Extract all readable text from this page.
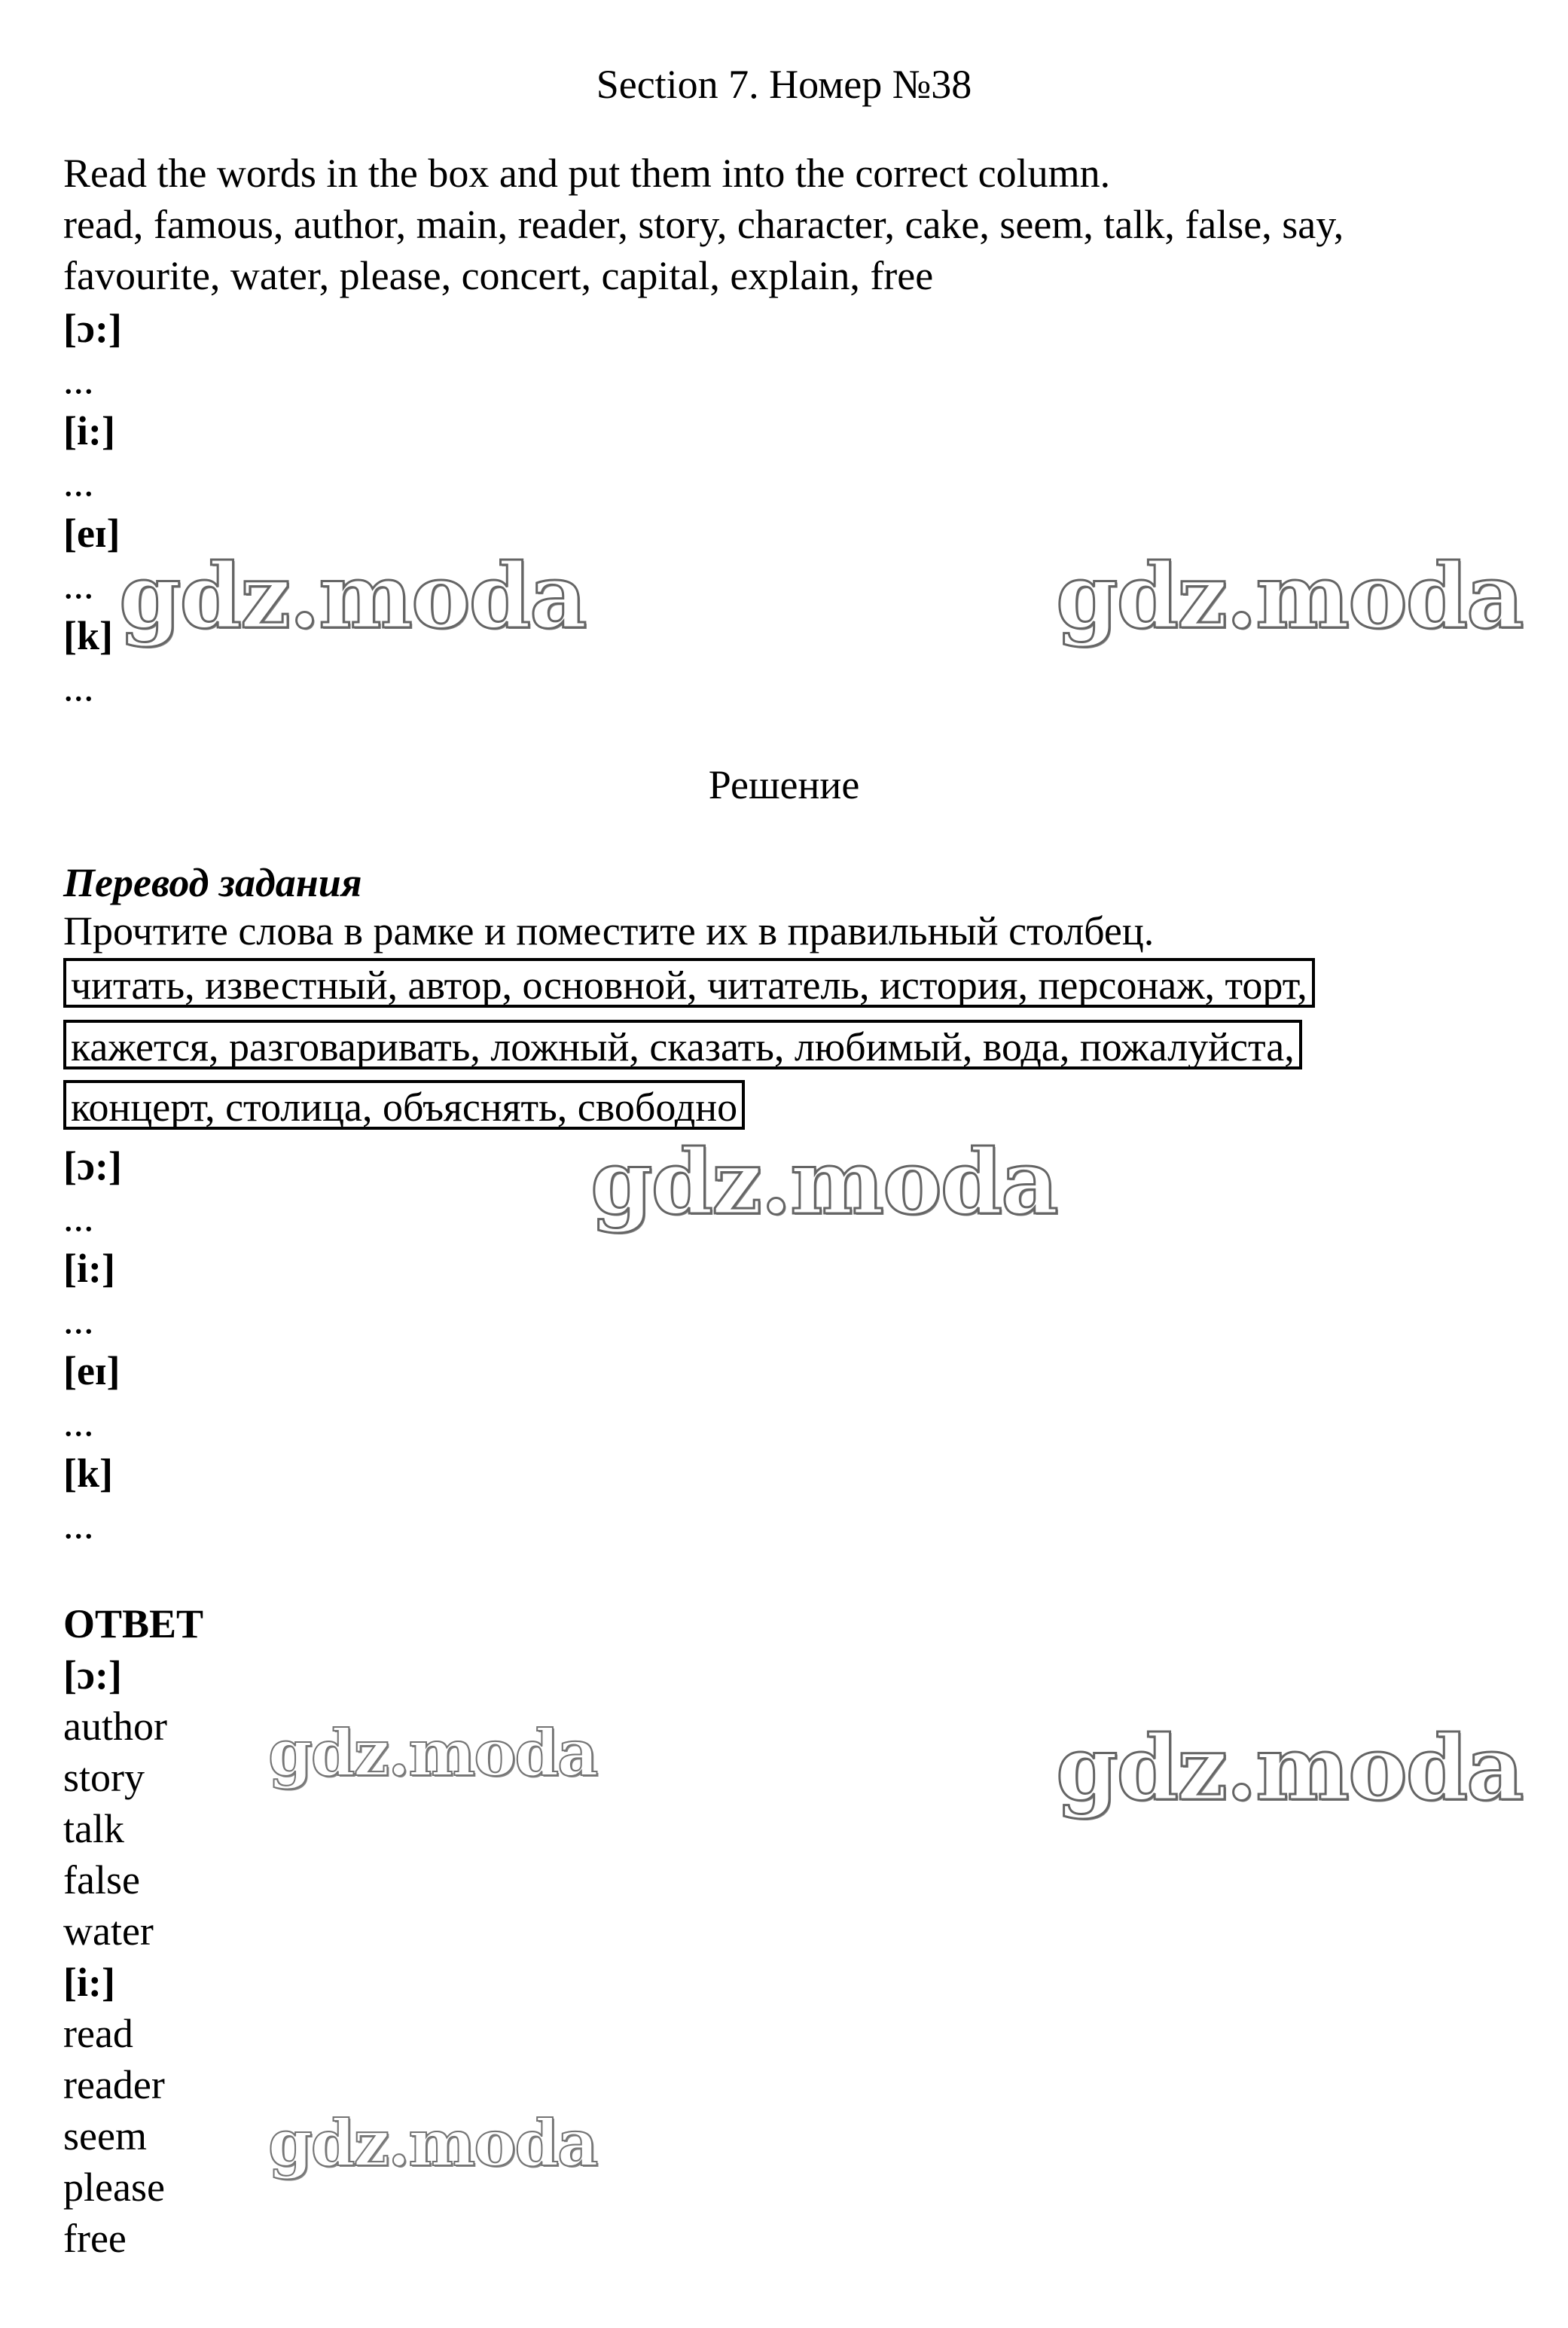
Section 7. Номер №38
Read the words in the box and put them into the correct column.
read, famous, author, main, reader, story, character, cake, seem, talk, false, say,
favourite, water, please, concert, capital, explain, free
[ɔ:]
...
[i:]
...
[eɪ]
...
[k]
...
Решение
Перевод задания
Прочтите слова в рамке и поместите их в правильный столбец.
читать, известный, автор, основной, читатель, история, персонаж, торт,
кажется, разговаривать, ложный, сказать, любимый, вода, пожалуйста,
концерт, столица, объяснять, свободно
[ɔ:]
...
[i:]
...
[eɪ]
...
[k]
...
ОТВЕТ
[ɔ:]
author
story
talk
false
water
[i:]
read
reader
seem
please
free
gdz.moda	gdz.moda
gdz.moda
gdz.moda	gdz.moda
gdz.moda
